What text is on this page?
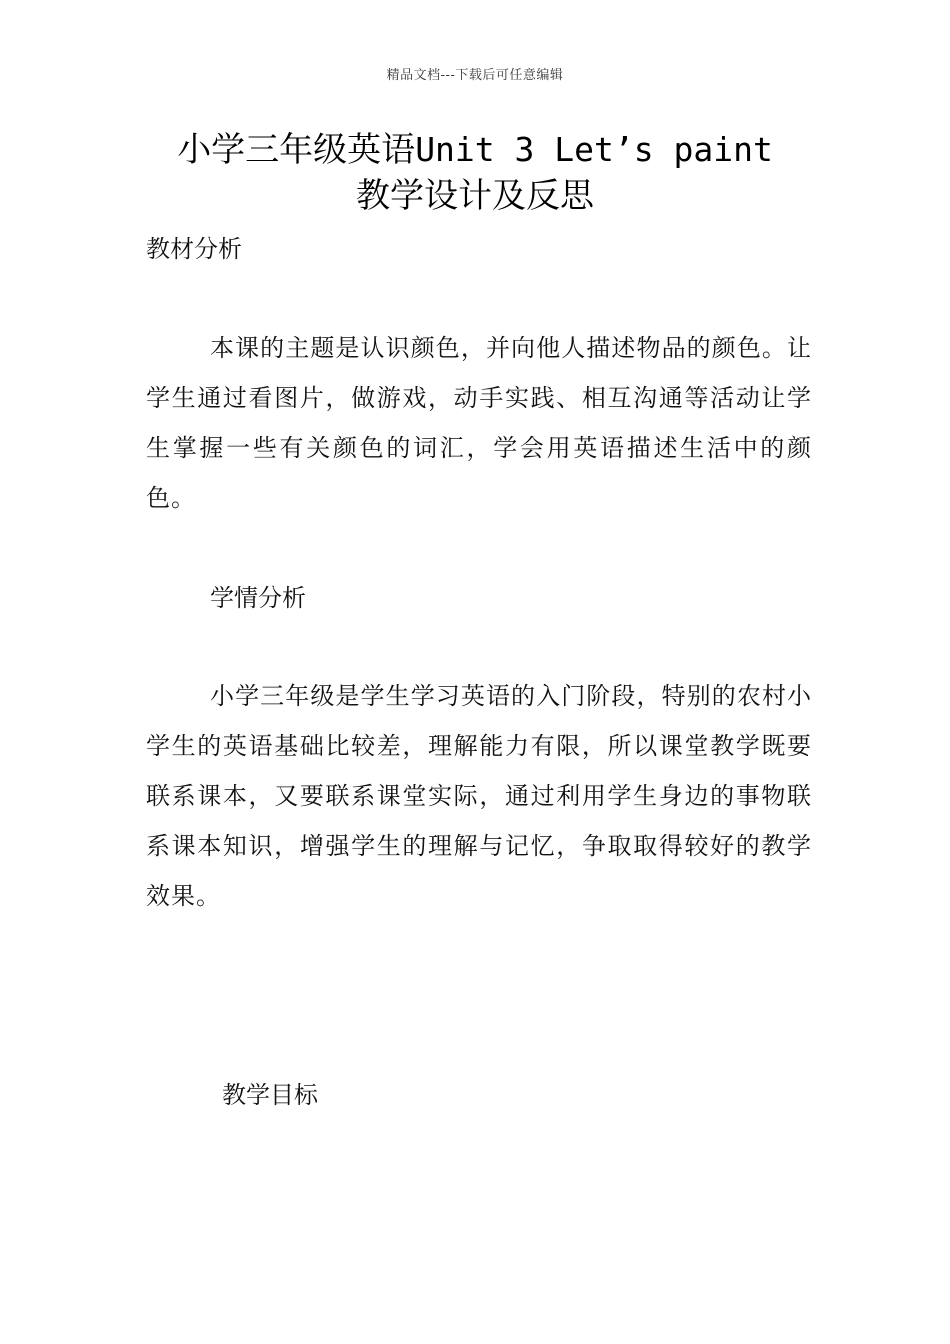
精品文档---下载后可任意编辑
小学三年级英语Unit 3 Let’s paint
教学设计及反思
教材分析
本课的主题是认识颜色，并向他人描述物品的颜色。让学生通过看图片，做游戏，动手实践、相互沟通等活动让学生掌握一些有关颜色的词汇，学会用英语描述生活中的颜色。
学情分析
小学三年级是学生学习英语的入门阶段，特别的农村小学生的英语基础比较差，理解能力有限，所以课堂教学既要联系课本，又要联系课堂实际，通过利用学生身边的事物联系课本知识，增强学生的理解与记忆，争取取得较好的教学效果。
教学目标
